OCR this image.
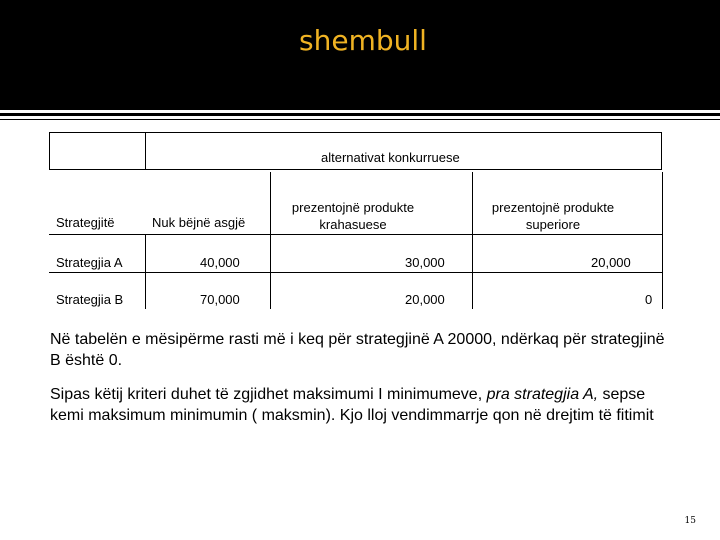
shembull
alternativat konkurruese
Strategjitë	Nuk bëjnë asgjë
prezentojnë produkte krahasuese
prezentojnë produkte superiore
Strategjia A	40,000	30,000	20,000
Strategjia B	70,000	20,000	0
Në tabelën e mësipërme rasti më i keq për strategjinë A 20000, ndërkaq për strategjinë B është 0.
Sipas këtij kriteri duhet të zgjidhet maksimumi I minimumeve, pra strategjia A, sepse kemi maksimum minimumin ( maksmin). Kjo lloj vendimmarrje qon në drejtim të fitimit
15
